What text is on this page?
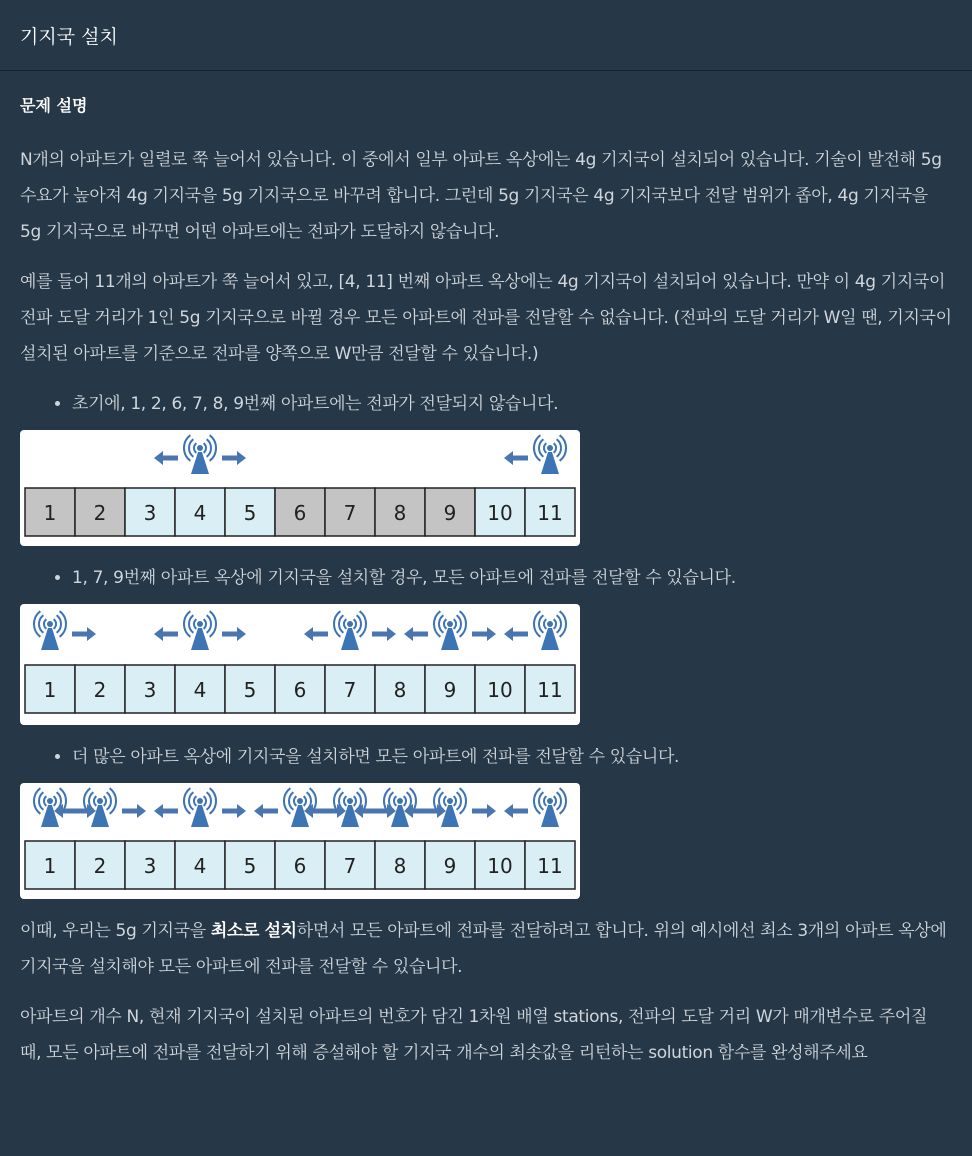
기지국 설치
문제 설명

N개의 아파트가 일렬로 쭉 늘어서 있습니다. 이 중에서 일부 아파트 옥상에는 4g 기지국이 설치되어 있습니다. 기술이 발전해 5g 수요가 높아져 4g 기지국을 5g 기지국으로 바꾸려 합니다. 그런데 5g 기지국은 4g 기지국보다 전달 범위가 좁아, 4g 기지국을 5g 기지국으로 바꾸면 어떤 아파트에는 전파가 도달하지 않습니다.

예를 들어 11개의 아파트가 쭉 늘어서 있고, [4, 11] 번째 아파트 옥상에는 4g 기지국이 설치되어 있습니다. 만약 이 4g 기지국이 전파 도달 거리가 1인 5g 기지국으로 바뀔 경우 모든 아파트에 전파를 전달할 수 없습니다. (전파의 도달 거리가 W일 땐, 기지국이 설치된 아파트를 기준으로 전파를 양쪽으로 W만큼 전달할 수 있습니다.)

• 초기에, 1, 2, 6, 7, 8, 9번째 아파트에는 전파가 전달되지 않습니다.
1 2 3 4 5 6 7 8 9 10 11
• 1, 7, 9번째 아파트 옥상에 기지국을 설치할 경우, 모든 아파트에 전파를 전달할 수 있습니다.
1 2 3 4 5 6 7 8 9 10 11
• 더 많은 아파트 옥상에 기지국을 설치하면 모든 아파트에 전파를 전달할 수 있습니다.
1 2 3 4 5 6 7 8 9 10 11

이때, 우리는 5g 기지국을 최소로 설치하면서 모든 아파트에 전파를 전달하려고 합니다. 위의 예시에선 최소 3개의 아파트 옥상에 기지국을 설치해야 모든 아파트에 전파를 전달할 수 있습니다.

아파트의 개수 N, 현재 기지국이 설치된 아파트의 번호가 담긴 1차원 배열 stations, 전파의 도달 거리 W가 매개변수로 주어질 때, 모든 아파트에 전파를 전달하기 위해 증설해야 할 기지국 개수의 최솟값을 리턴하는 solution 함수를 완성해주세요
